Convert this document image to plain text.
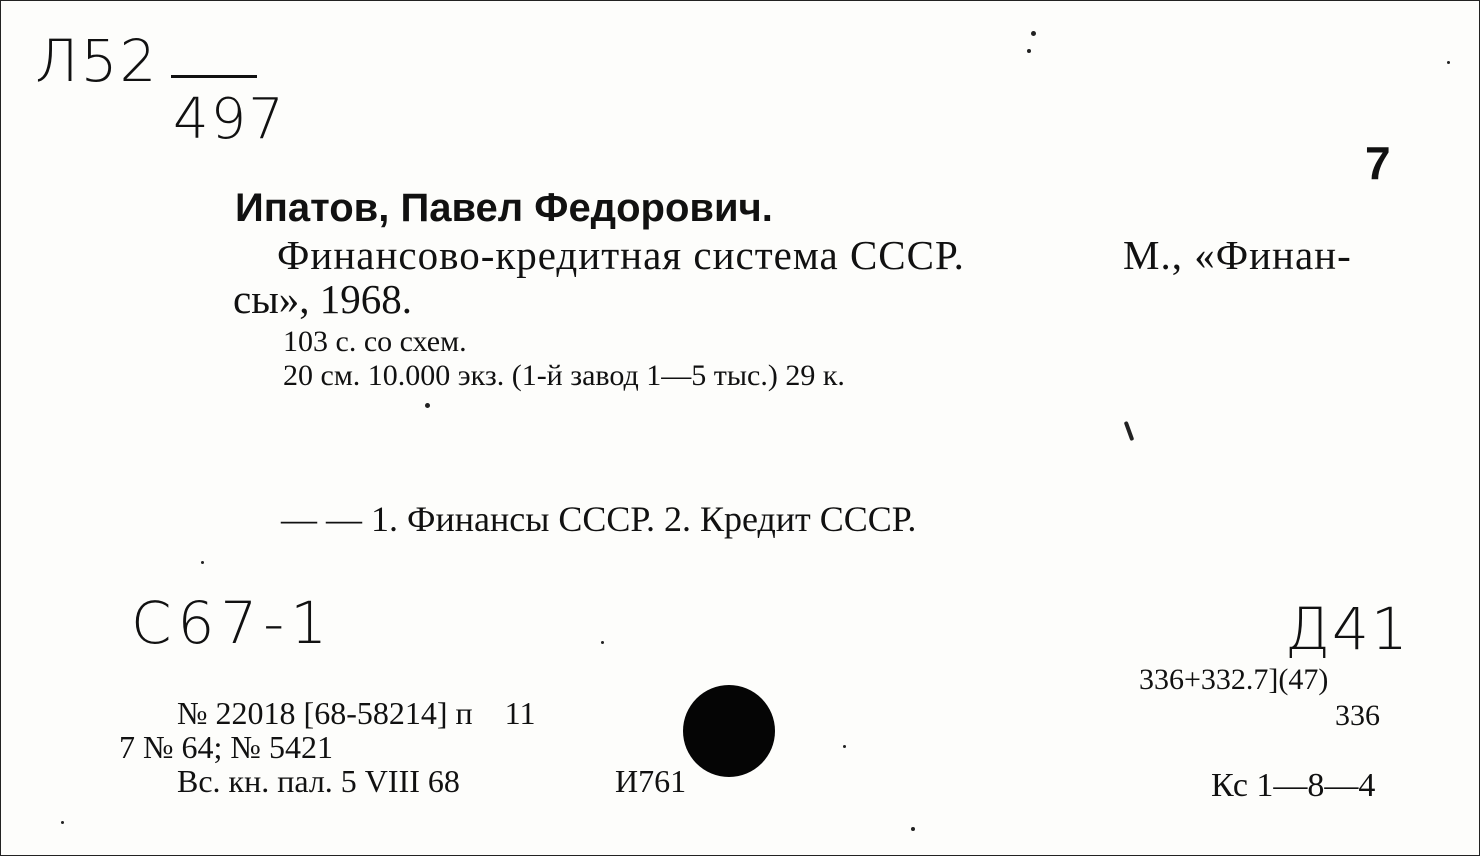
Л52
497
7
Ипатов, Павел Федорович.
Финансово-кредитная система СССР.	М., «Финан-
сы», 1968.
103 с. со схем.
20 см. 10.000 экз. (1-й завод 1—5 тыс.) 29 к.
— — 1. Финансы СССР. 2. Кредит СССР.
С67-1	Д41
336+332.7](47)
336
№ 22018 [68-58214] п    11
7 № 64; № 5421
Вс. кн. пал. 5 VIII 68	И761	Кс 1—8—4
